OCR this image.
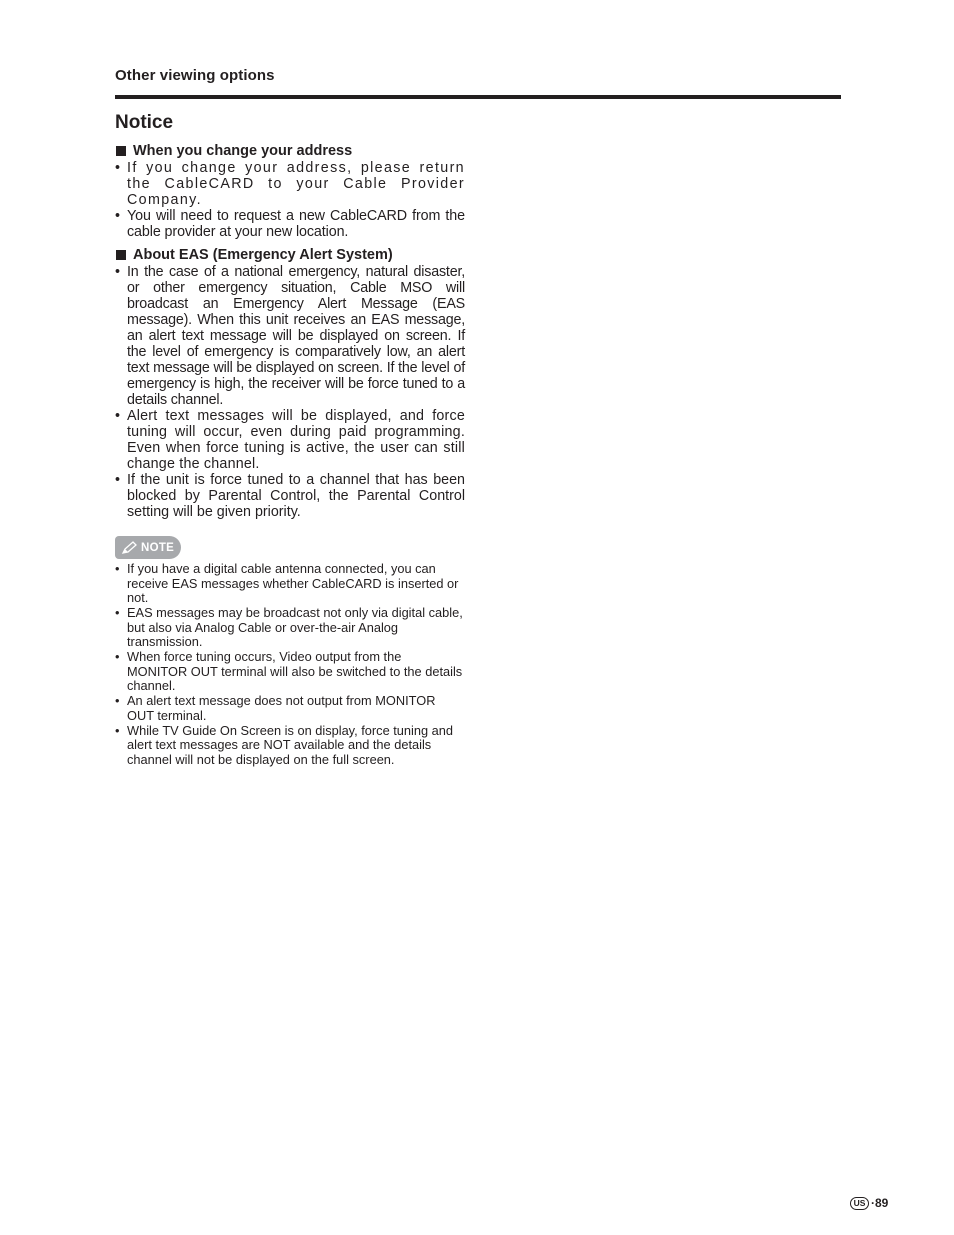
Other viewing options
Notice
When you change your address
• If you change your address, please return the CableCARD to your Cable Provider Company.
• You will need to request a new CableCARD from the cable provider at your new location.
About EAS (Emergency Alert System)
• In the case of a national emergency, natural disaster, or other emergency situation, Cable MSO will broadcast an Emergency Alert Message (EAS message). When this unit receives an EAS message, an alert text message will be displayed on screen. If the level of emergency is comparatively low, an alert text message will be displayed on screen. If the level of emergency is high, the receiver will be force tuned to a details channel.
• Alert text messages will be displayed, and force tuning will occur, even during paid programming. Even when force tuning is active, the user can still change the channel.
• If the unit is force tuned to a channel that has been blocked by Parental Control, the Parental Control setting will be given priority.
NOTE
• If you have a digital cable antenna connected, you can receive EAS messages whether CableCARD is inserted or not.
• EAS messages may be broadcast not only via digital cable, but also via Analog Cable or over-the-air Analog transmission.
• When force tuning occurs, Video output from the MONITOR OUT terminal will also be switched to the details channel.
• An alert text message does not output from MONITOR OUT terminal.
• While TV Guide On Screen is on display, force tuning and alert text messages are NOT available and the details channel will not be displayed on the full screen.
US ·89
